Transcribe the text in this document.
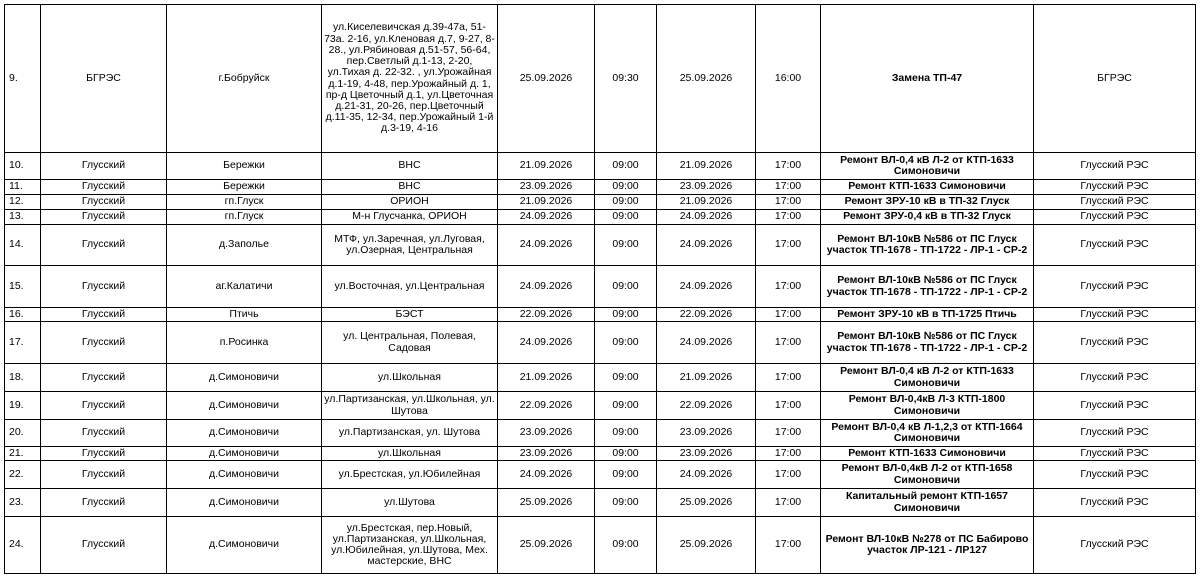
9.	БГРЭС	г.Бобруйск	ул.Киселевичская д.39-47а, 51-73а. 2-16, ул.Кленовая д.7, 9-27, 8-28., ул.Рябиновая д.51-57, 56-64, пер.Светлый д.1-13, 2-20, ул.Тихая д. 22-32. , ул.Урожайная д.1-19, 4-48, пер.Урожайный д. 1, пр-д Цветочный д.1, ул.Цветочная д.21-31, 20-26, пер.Цветочный д.11-35, 12-34, пер.Урожайный 1-й д.3-19, 4-16	25.09.2026	09:30	25.09.2026	16:00	Замена ТП-47	БГРЭС
10.	Глусский	Бережки	ВНС	21.09.2026	09:00	21.09.2026	17:00	Ремонт ВЛ-0,4 кВ Л-2 от КТП-1633 Симоновичи	Глусский РЭС
11.	Глусский	Бережки	ВНС	23.09.2026	09:00	23.09.2026	17:00	Ремонт КТП-1633 Симоновичи	Глусский РЭС
12.	Глусский	гп.Глуск	ОРИОН	21.09.2026	09:00	21.09.2026	17:00	Ремонт ЗРУ-10 кВ в ТП-32 Глуск	Глусский РЭС
13.	Глусский	гп.Глуск	М-н Глусчанка, ОРИОН	24.09.2026	09:00	24.09.2026	17:00	Ремонт ЗРУ-0,4 кВ в ТП-32 Глуск	Глусский РЭС
14.	Глусский	д.Заполье	МТФ, ул.Заречная, ул.Луговая, ул.Озерная, Центральная	24.09.2026	09:00	24.09.2026	17:00	Ремонт ВЛ-10кВ №586 от ПС Глуск участок ТП-1678 - ТП-1722 - ЛР-1 - СР-2	Глусский РЭС
15.	Глусский	аг.Калатичи	ул.Восточная, ул.Центральная	24.09.2026	09:00	24.09.2026	17:00	Ремонт ВЛ-10кВ №586 от ПС Глуск участок ТП-1678 - ТП-1722 - ЛР-1 - СР-2	Глусский РЭС
16.	Глусский	Птичь	БЭСТ	22.09.2026	09:00	22.09.2026	17:00	Ремонт ЗРУ-10 кВ в ТП-1725 Птичь	Глусский РЭС
17.	Глусский	п.Росинка	ул. Центральная, Полевая, Садовая	24.09.2026	09:00	24.09.2026	17:00	Ремонт ВЛ-10кВ №586 от ПС Глуск участок ТП-1678 - ТП-1722 - ЛР-1 - СР-2	Глусский РЭС
18.	Глусский	д.Симоновичи	ул.Школьная	21.09.2026	09:00	21.09.2026	17:00	Ремонт ВЛ-0,4 кВ Л-2 от КТП-1633 Симоновичи	Глусский РЭС
19.	Глусский	д.Симоновичи	ул.Партизанская, ул.Школьная, ул. Шутова	22.09.2026	09:00	22.09.2026	17:00	Ремонт ВЛ-0,4кВ Л-3 КТП-1800 Симоновичи	Глусский РЭС
20.	Глусский	д.Симоновичи	ул.Партизанская, ул. Шутова	23.09.2026	09:00	23.09.2026	17:00	Ремонт ВЛ-0,4 кВ Л-1,2,3 от КТП-1664 Симоновичи	Глусский РЭС
21.	Глусский	д.Симоновичи	ул.Школьная	23.09.2026	09:00	23.09.2026	17:00	Ремонт КТП-1633 Симоновичи	Глусский РЭС
22.	Глусский	д.Симоновичи	ул.Брестская, ул.Юбилейная	24.09.2026	09:00	24.09.2026	17:00	Ремонт ВЛ-0,4кВ Л-2 от КТП-1658 Симоновичи	Глусский РЭС
23.	Глусский	д.Симоновичи	ул.Шутова	25.09.2026	09:00	25.09.2026	17:00	Капитальный ремонт КТП-1657 Симоновичи	Глусский РЭС
24.	Глусский	д.Симоновичи	ул.Брестская, пер.Новый, ул.Партизанская, ул.Школьная, ул.Юбилейная, ул.Шутова, Мех. мастерские, ВНС	25.09.2026	09:00	25.09.2026	17:00	Ремонт ВЛ-10кВ №278 от ПС Бабирово участок ЛР-121 - ЛР127	Глусский РЭС
